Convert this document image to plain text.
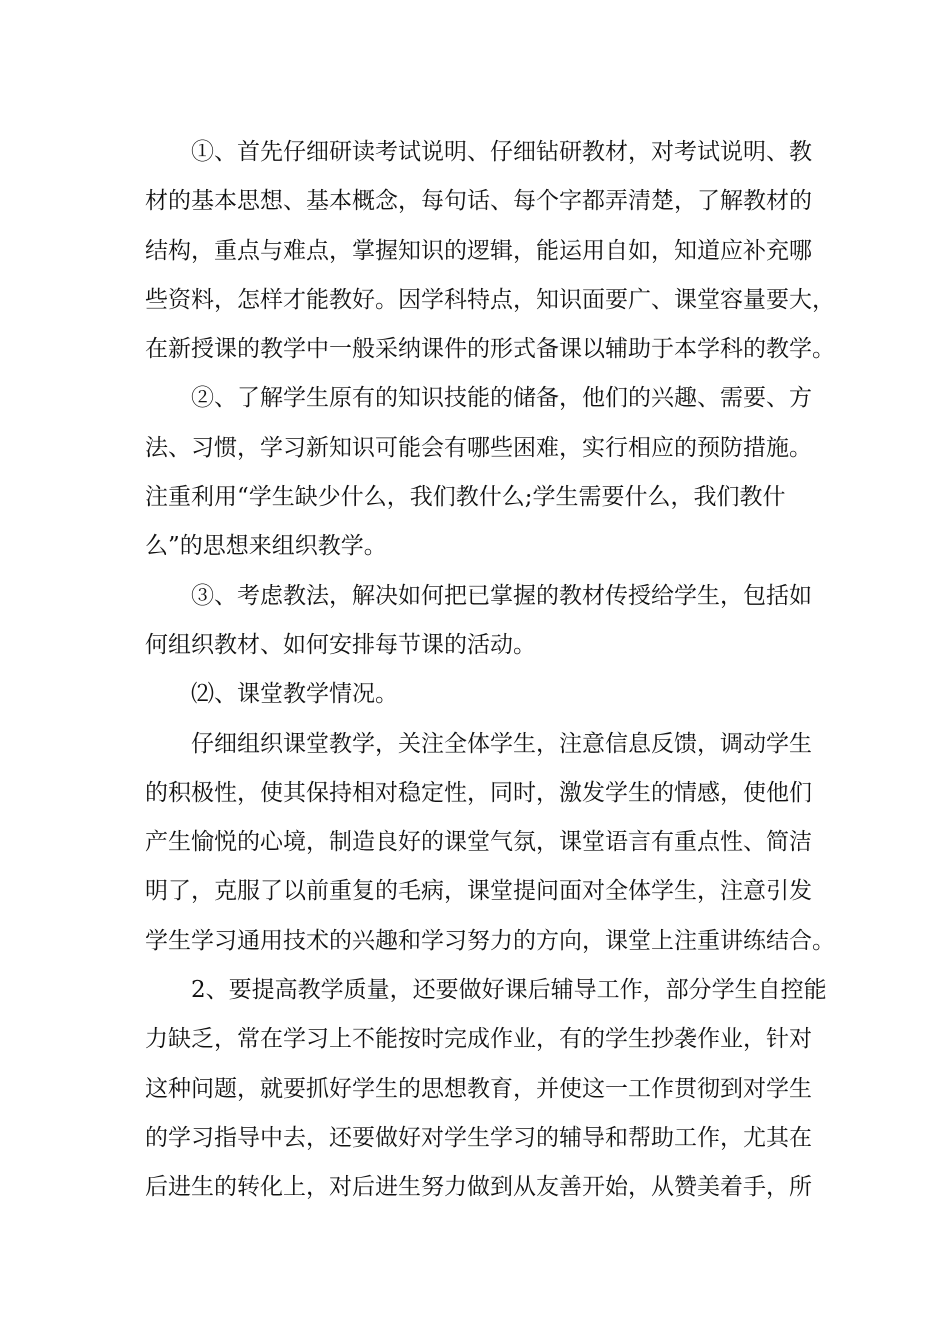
①、首先仔细研读考试说明、仔细钻研教材，对考试说明、教
材的基本思想、基本概念，每句话、每个字都弄清楚，了解教材的
结构，重点与难点，掌握知识的逻辑，能运用自如，知道应补充哪
些资料，怎样才能教好。因学科特点，知识面要广、课堂容量要大，
在新授课的教学中一般采纳课件的形式备课以辅助于本学科的教学。
②、了解学生原有的知识技能的储备，他们的兴趣、需要、方
法、习惯，学习新知识可能会有哪些困难，实行相应的预防措施。
注重利用“学生缺少什么，我们教什么;学生需要什么，我们教什
么”的思想来组织教学。
③、考虑教法，解决如何把已掌握的教材传授给学生，包括如
何组织教材、如何安排每节课的活动。
⑵、课堂教学情况。
仔细组织课堂教学，关注全体学生，注意信息反馈，调动学生
的积极性，使其保持相对稳定性，同时，激发学生的情感，使他们
产生愉悦的心境，制造良好的课堂气氛，课堂语言有重点性、简洁
明了，克服了以前重复的毛病，课堂提问面对全体学生，注意引发
学生学习通用技术的兴趣和学习努力的方向，课堂上注重讲练结合。
2、要提高教学质量，还要做好课后辅导工作，部分学生自控能
力缺乏，常在学习上不能按时完成作业，有的学生抄袭作业，针对
这种问题，就要抓好学生的思想教育，并使这一工作贯彻到对学生
的学习指导中去，还要做好对学生学习的辅导和帮助工作，尤其在
后进生的转化上，对后进生努力做到从友善开始，从赞美着手，所
